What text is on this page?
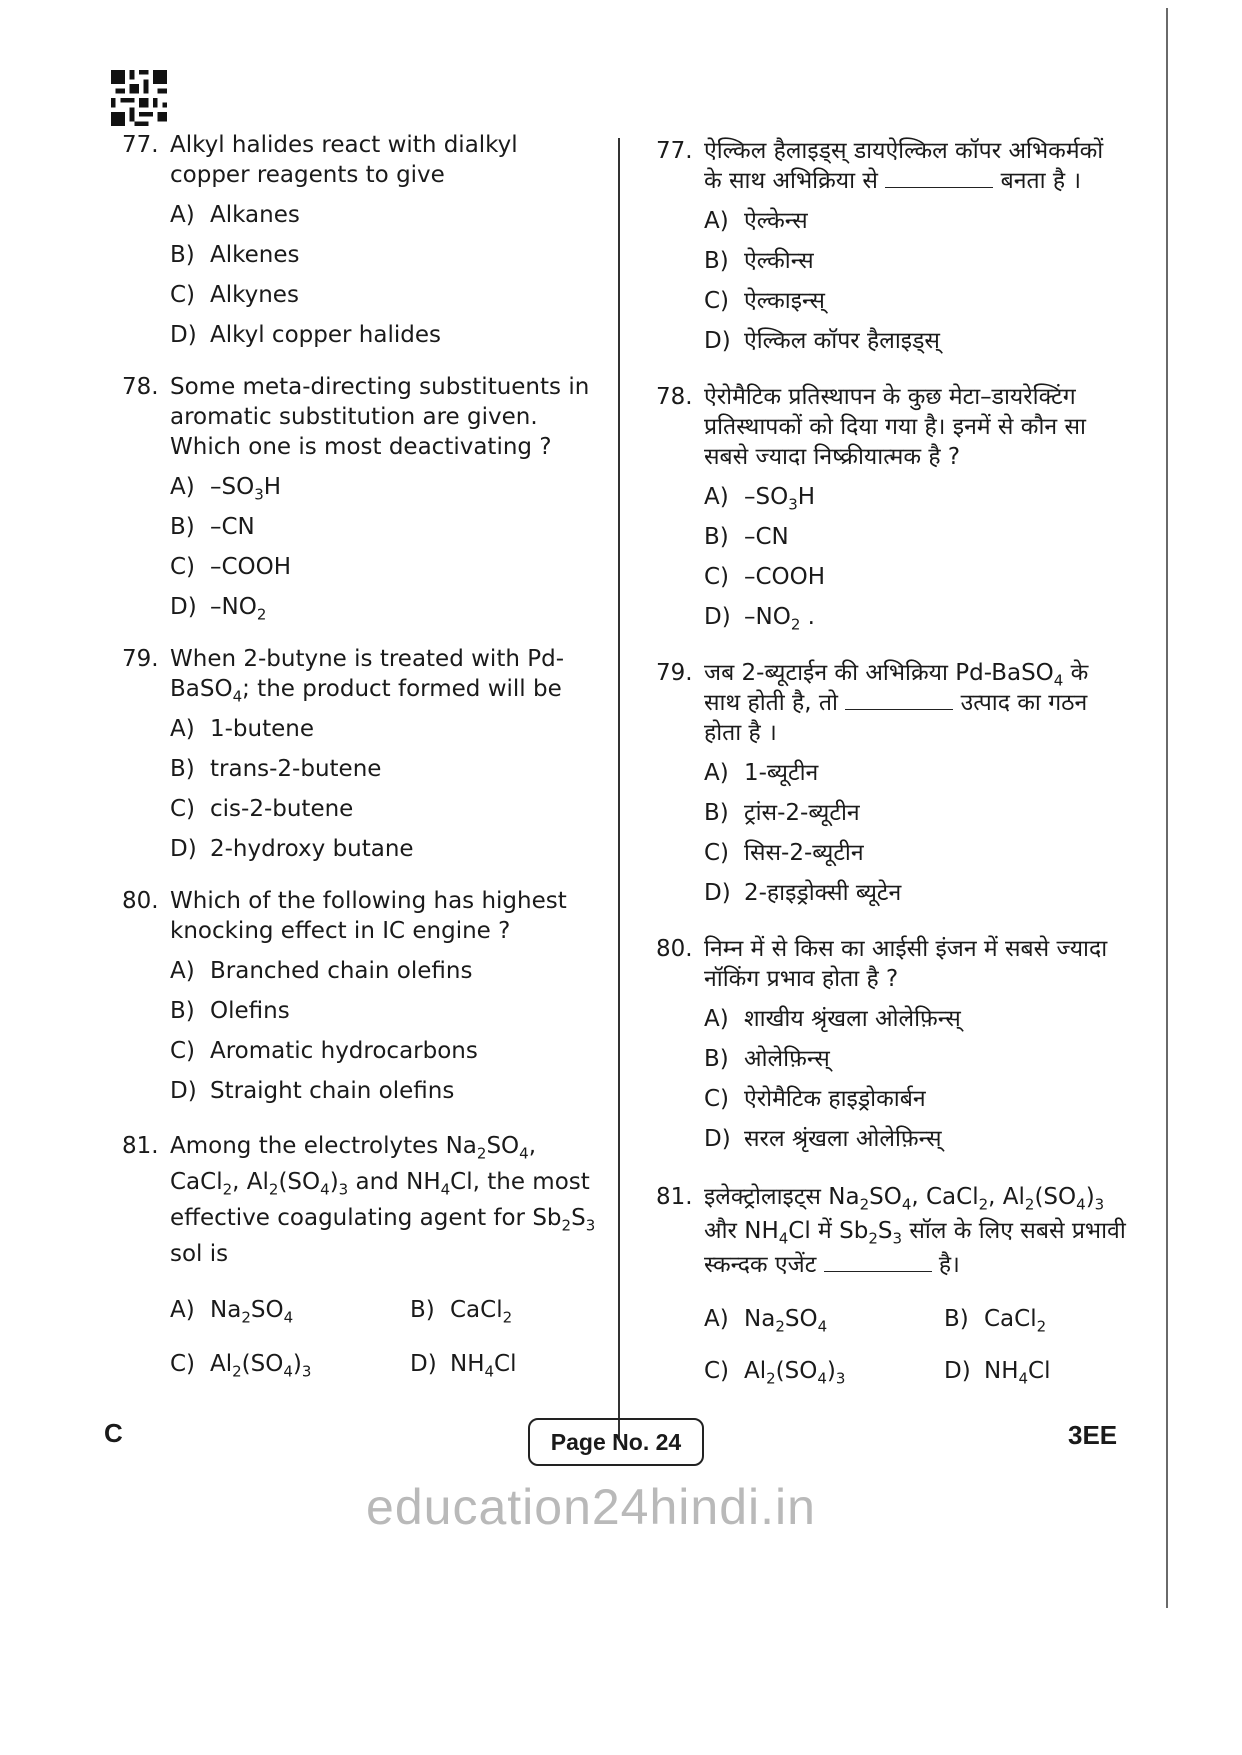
77. Alkyl halides react with dialkyl copper reagents to give

A) Alkanes
B) Alkenes
C) Alkynes
D) Alkyl copper halides
78. Some meta-directing substituents in aromatic substitution are given. Which one is most deactivating ?

A) $-SO_3H$
B) –CN
C) –COOH
D) $-NO_2$
79. When 2-butyne is treated with Pd-BaSO$_4$; the product formed will be

A) 1-butene
B) trans-2-butene
C) cis-2-butene
D) 2-hydroxy butane
80. Which of the following has highest knocking effect in IC engine ?

A) Branched chain olefins
B) Olefins
C) Aromatic hydrocarbons
D) Straight chain olefins
81. Among the electrolytes $Na_2SO_4$,
CaCl$_2$, $Al_2(SO_4)_3$ and $NH_4Cl$, the most effective coagulating agent for $Sb_2S_3$ sol is

A) $Na_2SO_4$	B) CaCl$_2$
C) $Al_2(SO_4)_3$	D) $NH_4Cl$
77. ऐल्किल हैलाइड्स् डायऐल्किल कॉपर अभिकर्मकों के साथ अभिक्रिया से	बनता है ।

A) ऐल्केन्स
B) ऐल्कीन्स
C) ऐल्काइन्स्
D) ऐल्किल कॉपर हैलाइड्स्
78. ऐरोमैटिक प्रतिस्थापन के कुछ मेटा–डायरेक्टिंग प्रतिस्थापकों को दिया गया है। इनमें से कौन सा सबसे ज्यादा निष्क्रीयात्मक है ?

A) $-SO_3H$
B) –CN
C) –COOH
D) $-NO_2$ .
79. जब 2-ब्यूटाईन की अभिक्रिया Pd-BaSO$_4$ के साथ होती है, तो	उत्पाद का गठन होता है ।

A) 1-ब्यूटीन
B) ट्रांस-2-ब्यूटीन
C) सिस-2-ब्यूटीन
D) 2-हाइड्रोक्सी ब्यूटेन
80. निम्न में से किस का आईसी इंजन में सबसे ज्यादा नॉकिंग प्रभाव होता है ?

A) शाखीय श्रृंखला ओलेफ़िन्स्
B) ओलेफ़िन्स्
C) ऐरोमैटिक हाइड्रोकार्बन
D) सरल श्रृंखला ओलेफ़िन्स्
81. इलेक्ट्रोलाइट्स $Na_2SO_4$, CaCl$_2$, $Al_2(SO_4)_3$ और $NH_4Cl$ में $Sb_2S_3$ सॉल के लिए सबसे प्रभावी स्कन्दक एजेंट	है।

A) $Na_2SO_4$	B) CaCl$_2$
C) $Al_2(SO_4)_3$	D) $NH_4Cl$
C	Page No. 24	3EE
education24hindi.in
